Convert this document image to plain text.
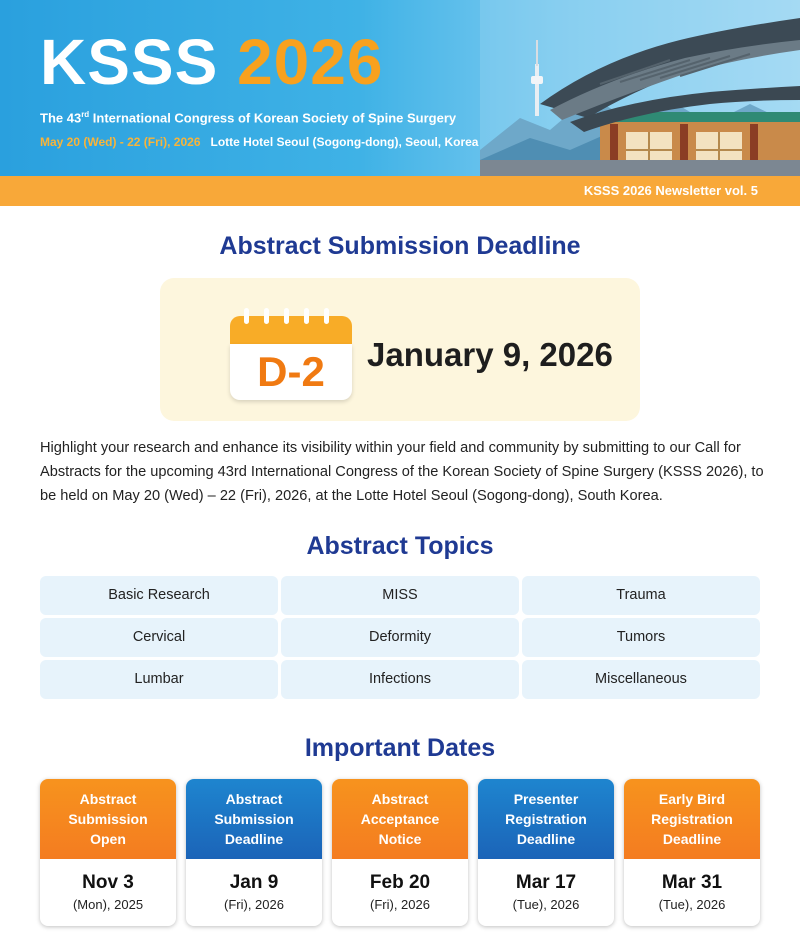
KSSS 2026
The 43rd International Congress of Korean Society of Spine Surgery
May 20 (Wed) - 22 (Fri), 2026 Lotte Hotel Seoul (Sogong-dong), Seoul, Korea
KSSS 2026 Newsletter vol. 5
Abstract Submission Deadline
D-2	January 9, 2026
Highlight your research and enhance its visibility within your field and community by submitting to our Call for Abstracts for the upcoming 43rd International Congress of the Korean Society of Spine Surgery (KSSS 2026), to be held on May 20 (Wed) – 22 (Fri), 2026, at the Lotte Hotel Seoul (Sogong-dong), South Korea.
Abstract Topics
Basic Research	MISS	Trauma
Cervical	Deformity	Tumors
Lumbar	Infections	Miscellaneous
Important Dates
Abstract
Submission
Open
Nov 3
(Mon), 2025
Abstract
Submission
Deadline
Jan 9
(Fri), 2026
Abstract
Acceptance
Notice
Feb 20
(Fri), 2026
Presenter
Registration
Deadline
Mar 17
(Tue), 2026
Early Bird
Registration
Deadline
Mar 31
(Tue), 2026
